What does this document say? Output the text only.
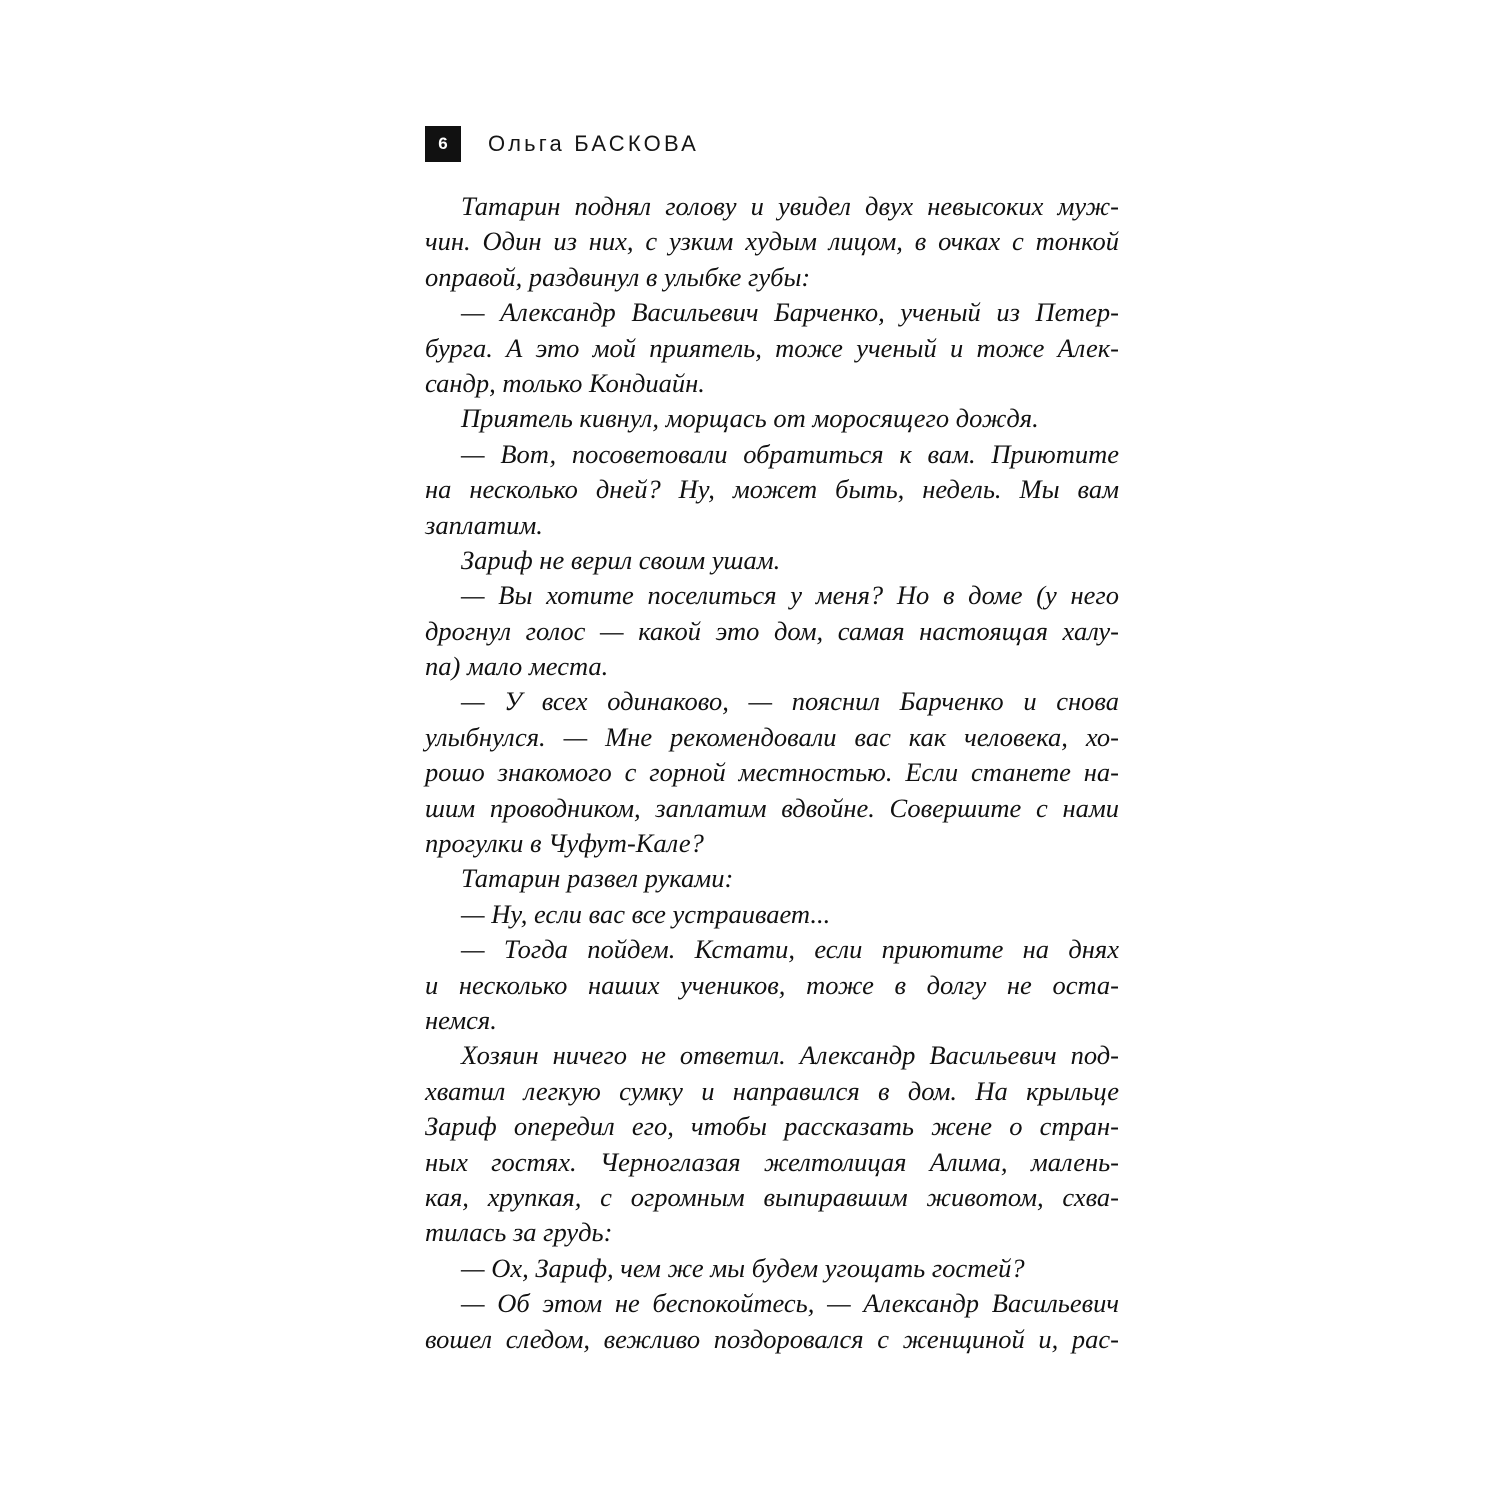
6	Ольга БАСКОВА
Татарин поднял голову и увидел двух невысоких муж-
чин. Один из них, с узким худым лицом, в очках с тонкой
оправой, раздвинул в улыбке губы:
— Александр Васильевич Барченко, ученый из Петер-
бурга. А это мой приятель, тоже ученый и тоже Алек-
сандр, только Кондиайн.
Приятель кивнул, морщась от моросящего дождя.
— Вот, посоветовали обратиться к вам. Приютите
на несколько дней? Ну, может быть, недель. Мы вам
заплатим.
Зариф не верил своим ушам.
— Вы хотите поселиться у меня? Но в доме (у него
дрогнул голос — какой это дом, самая настоящая халу-
па) мало места.
— У всех одинаково, — пояснил Барченко и снова
улыбнулся. — Мне рекомендовали вас как человека, хо-
рошо знакомого с горной местностью. Если станете на-
шим проводником, заплатим вдвойне. Совершите с нами
прогулки в Чуфут-Кале?
Татарин развел руками:
— Ну, если вас все устраивает...
— Тогда пойдем. Кстати, если приютите на днях
и несколько наших учеников, тоже в долгу не оста-
немся.
Хозяин ничего не ответил. Александр Васильевич под-
хватил легкую сумку и направился в дом. На крыльце
Зариф опередил его, чтобы рассказать жене о стран-
ных гостях. Черноглазая желтолицая Алима, малень-
кая, хрупкая, с огромным выпиравшим животом, схва-
тилась за грудь:
— Ох, Зариф, чем же мы будем угощать гостей?
— Об этом не беспокойтесь, — Александр Васильевич
вошел следом, вежливо поздоровался с женщиной и, рас-
